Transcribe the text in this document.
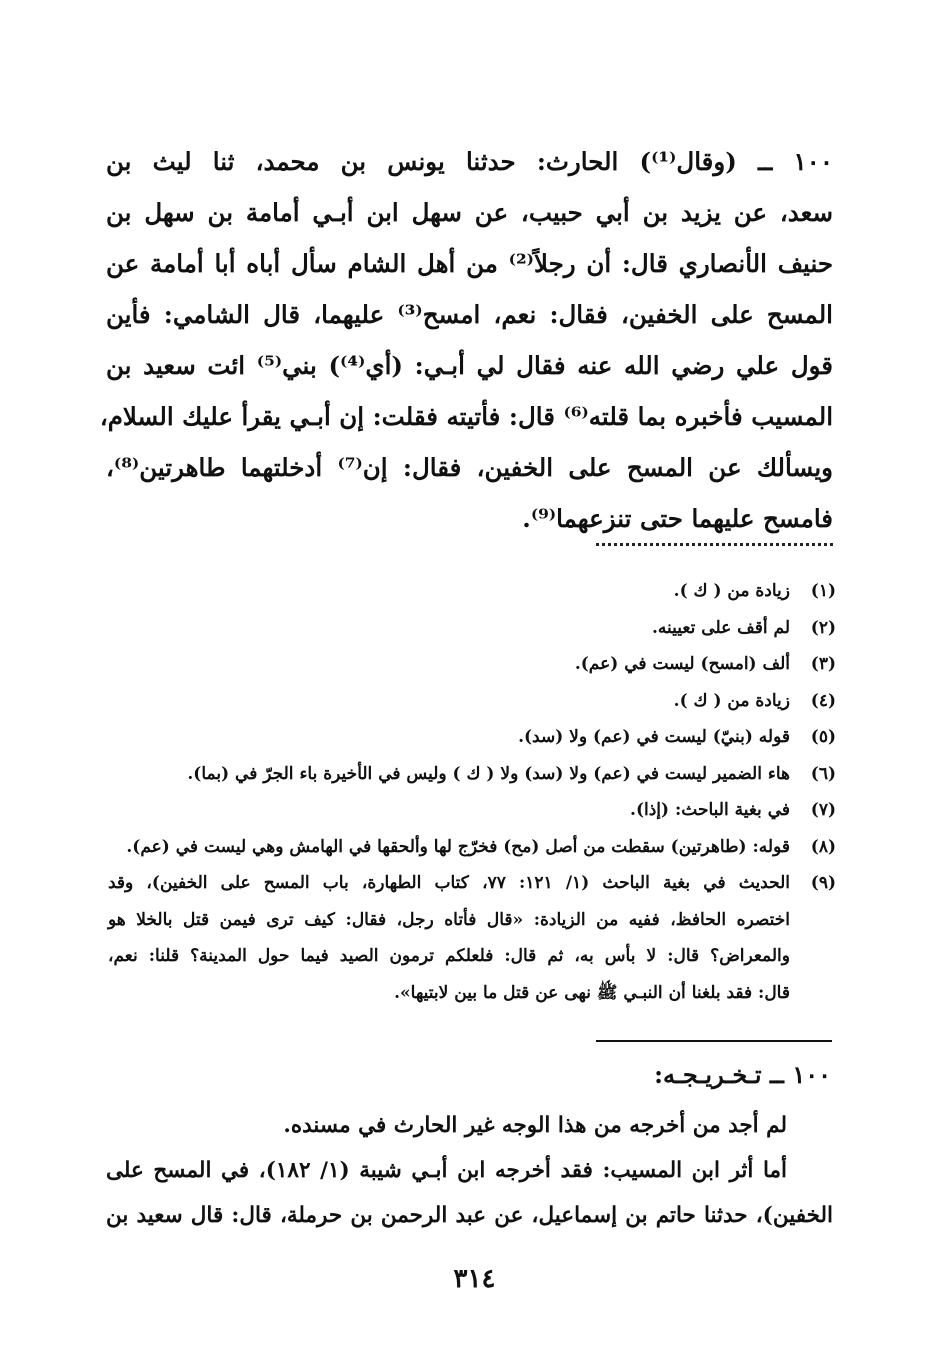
١٠٠ ــ (وقال⁽¹⁾) الحارث: حدثنا يونس بن محمد، ثنا ليث بن
سعد، عن يزيد بن أبي حبيب، عن سهل ابن أبـي أمامة بن سهل بن
حنيف الأنصاري قال: أن رجلاً⁽²⁾ من أهل الشام سأل أباه أبا أمامة عن
المسح على الخفين، فقال: نعم، امسح⁽³⁾ عليهما، قال الشامي: فأين
قول علي رضي الله عنه فقال لي أبـي: (أي⁽⁴⁾) بني⁽⁵⁾ ائت سعيد بن
المسيب فأخبره بما قلته⁽⁶⁾ قال: فأتيته فقلت: إن أبـي يقرأ عليك السلام،
ويسألك عن المسح على الخفين، فقال: إن⁽⁷⁾ أدخلتهما طاهرتين⁽⁸⁾،
فامسح عليهما حتى تنزعهما⁽⁹⁾.
(١)
زيادة من ( ك ).
(٢)
لم أقف على تعيينه.
(٣)
ألف (امسح) ليست في (عم).
(٤)
زيادة من ( ك ).
(٥)
قوله (بنيّ) ليست في (عم) ولا (سد).
(٦)
هاء الضمير ليست في (عم) ولا (سد) ولا ( ك ) وليس في الأخيرة باء الجرّ في (بما).
(٧)
في بغية الباحث: (إذا).
(٨)
قوله: (طاهرتين) سقطت من أصل (مح) فخرّج لها وألحقها في الهامش وهي ليست في (عم).
(٩)
الحديث في بغية الباحث (١/ ١٢١: ٧٧، كتاب الطهارة، باب المسح على الخفين)، وقد
اختصره الحافظ، ففيه من الزيادة: «قال فأتاه رجل، فقال: كيف ترى فيمن قتل بالخلا هو
والمعراض؟ قال: لا بأس به، ثم قال: فلعلكم ترمون الصيد فيما حول المدينة؟ قلنا: نعم،
قال: فقد بلغنا أن النبـي ﷺ نهى عن قتل ما بين لابتيها».
١٠٠ ــ تـخـريـجـه:
لم أجد من أخرجه من هذا الوجه غير الحارث في مسنده.
أما أثر ابن المسيب: فقد أخرجه ابن أبـي شيبة (١/ ١٨٢)، في المسح على
الخفين)، حدثنا حاتم بن إسماعيل، عن عبد الرحمن بن حرملة، قال: قال سعيد بن
٣١٤
